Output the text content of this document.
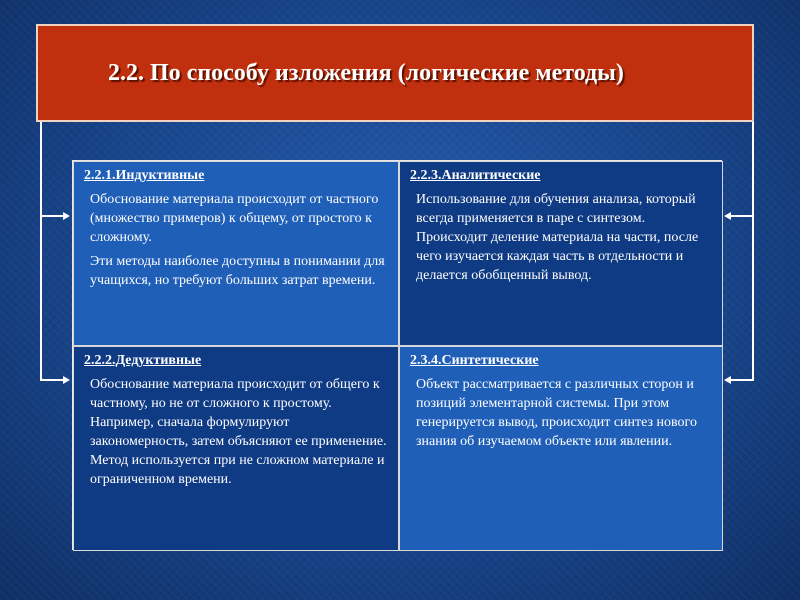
2.2. По способу изложения (логические методы)
2.2.1.Индуктивные

Обоснование материала происходит от частного (множество примеров) к общему, от простого к сложному.

Эти методы наиболее доступны в понимании для учащихся, но требуют больших затрат времени.

2.2.3.Аналитические

Использование для обучения анализа, который всегда применяется в паре с синтезом. Происходит деление материала на части, после чего изучается каждая часть в отдельности и делается обобщенный вывод.

2.2.2.Дедуктивные

Обоснование материала происходит от общего к частному, но не от сложного к простому. Например, сначала формулируют закономерность, затем объясняют ее применение. Метод используется при не сложном материале и ограниченном времени.

2.3.4.Синтетические

Объект рассматривается с различных сторон и позиций элементарной системы. При этом генерируется вывод, происходит синтез нового знания об изучаемом объекте или явлении.
